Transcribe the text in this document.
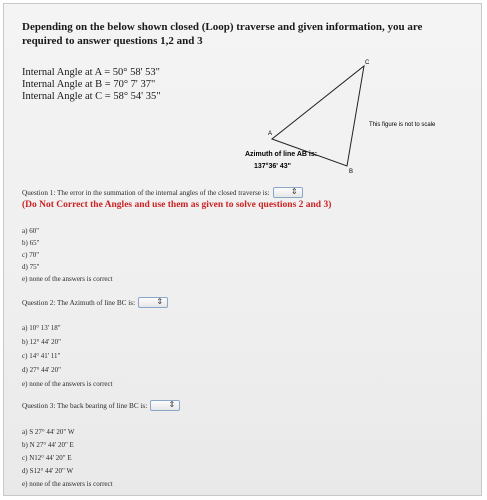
Depending on the below shown closed (Loop) traverse and given information, you are
required to answer questions 1,2 and 3
Internal Angle at A = 50° 58' 53"
Internal Angle at B = 70° 7' 37"
Internal Angle at C = 58° 54' 35"
A
B
C
Azimuth of line AB is:
137°36' 43"
This figure is not to scale
Question 1: The error in the summation of the internal angles of the closed traverse is:	⇕
(Do Not Correct the Angles and use them as given to solve questions 2 and 3)
a) 60"
b) 65"
c) 70"
d) 75"
e) none of the answers is correct
Question 2: The Azimuth of line BC is:	⇕
a) 10° 13' 18"
b) 12° 44' 20"
c) 14° 41' 11"
d) 27° 44' 20"
e) none of the answers is correct
Question 3: The back bearing of line BC is:	⇕
a) S 27° 44' 20" W
b) N 27° 44' 20" E
c) N12° 44' 20" E
d) S12° 44' 20" W
e) none of the answers is correct
